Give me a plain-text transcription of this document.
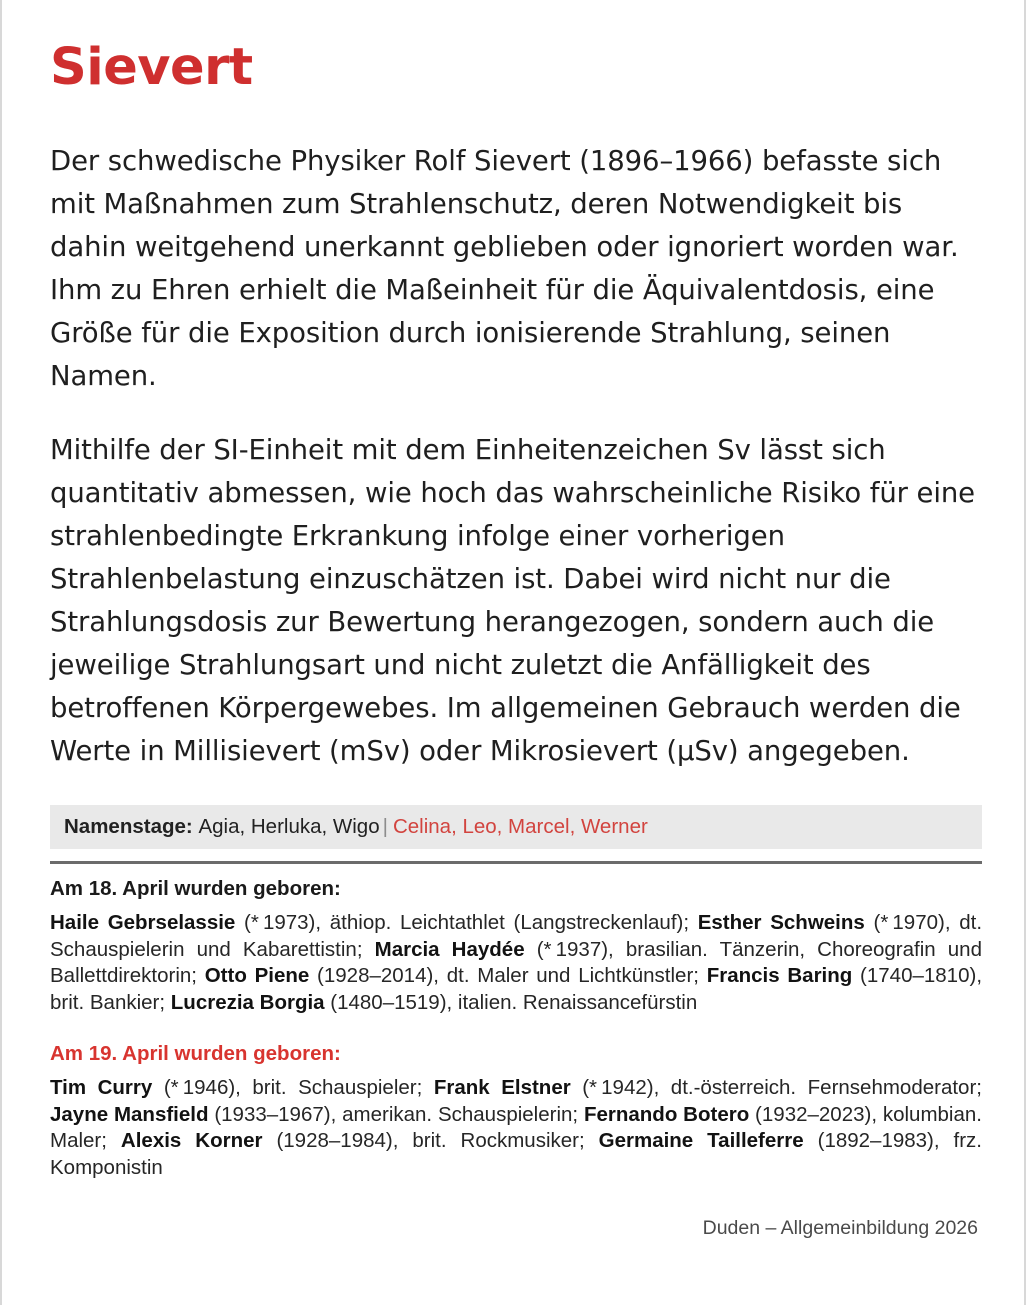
Sievert

Der schwedische Physiker Rolf Sievert (1896–1966) befasste sich mit Maßnahmen zum Strahlenschutz, deren Notwendigkeit bis dahin weitgehend unerkannt geblieben oder ignoriert worden war. Ihm zu Ehren erhielt die Maßeinheit für die Äquivalentdosis, eine Größe für die Exposition durch ionisierende Strahlung, seinen Namen.

Mithilfe der SI-Einheit mit dem Einheitenzeichen Sv lässt sich quantitativ abmessen, wie hoch das wahrscheinliche Risiko für eine strahlenbedingte Erkrankung infolge einer vorherigen Strahlenbelastung einzuschätzen ist. Dabei wird nicht nur die Strahlungsdosis zur Bewertung herangezogen, sondern auch die jeweilige Strahlungsart und nicht zuletzt die Anfälligkeit des betroffenen Körpergewebes. Im allgemeinen Gebrauch werden die Werte in Millisievert (mSv) oder Mikrosievert (µSv) angegeben.

Namenstage: Agia, Herluka, Wigo | Celina, Leo, Marcel, Werner

Am 18. April wurden geboren:

Haile Gebrselassie (* 1973), äthiop. Leichtathlet (Langstreckenlauf); Esther Schweins (* 1970), dt. Schauspielerin und Kabarettistin; Marcia Haydée (* 1937), brasilian. Tänzerin, Choreografin und Ballettdirektorin; Otto Piene (1928–2014), dt. Maler und Lichtkünstler; Francis Baring (1740–1810), brit. Bankier; Lucrezia Borgia (1480–1519), italien. Renaissancefürstin

Am 19. April wurden geboren:

Tim Curry (* 1946), brit. Schauspieler; Frank Elstner (* 1942), dt.-österreich. Fernsehmoderator; Jayne Mansfield (1933–1967), amerikan. Schauspielerin; Fernando Botero (1932–2023), kolumbian. Maler; Alexis Korner (1928–1984), brit. Rockmusiker; Germaine Tailleferre (1892–1983), frz. Komponistin

Duden – Allgemeinbildung 2026
